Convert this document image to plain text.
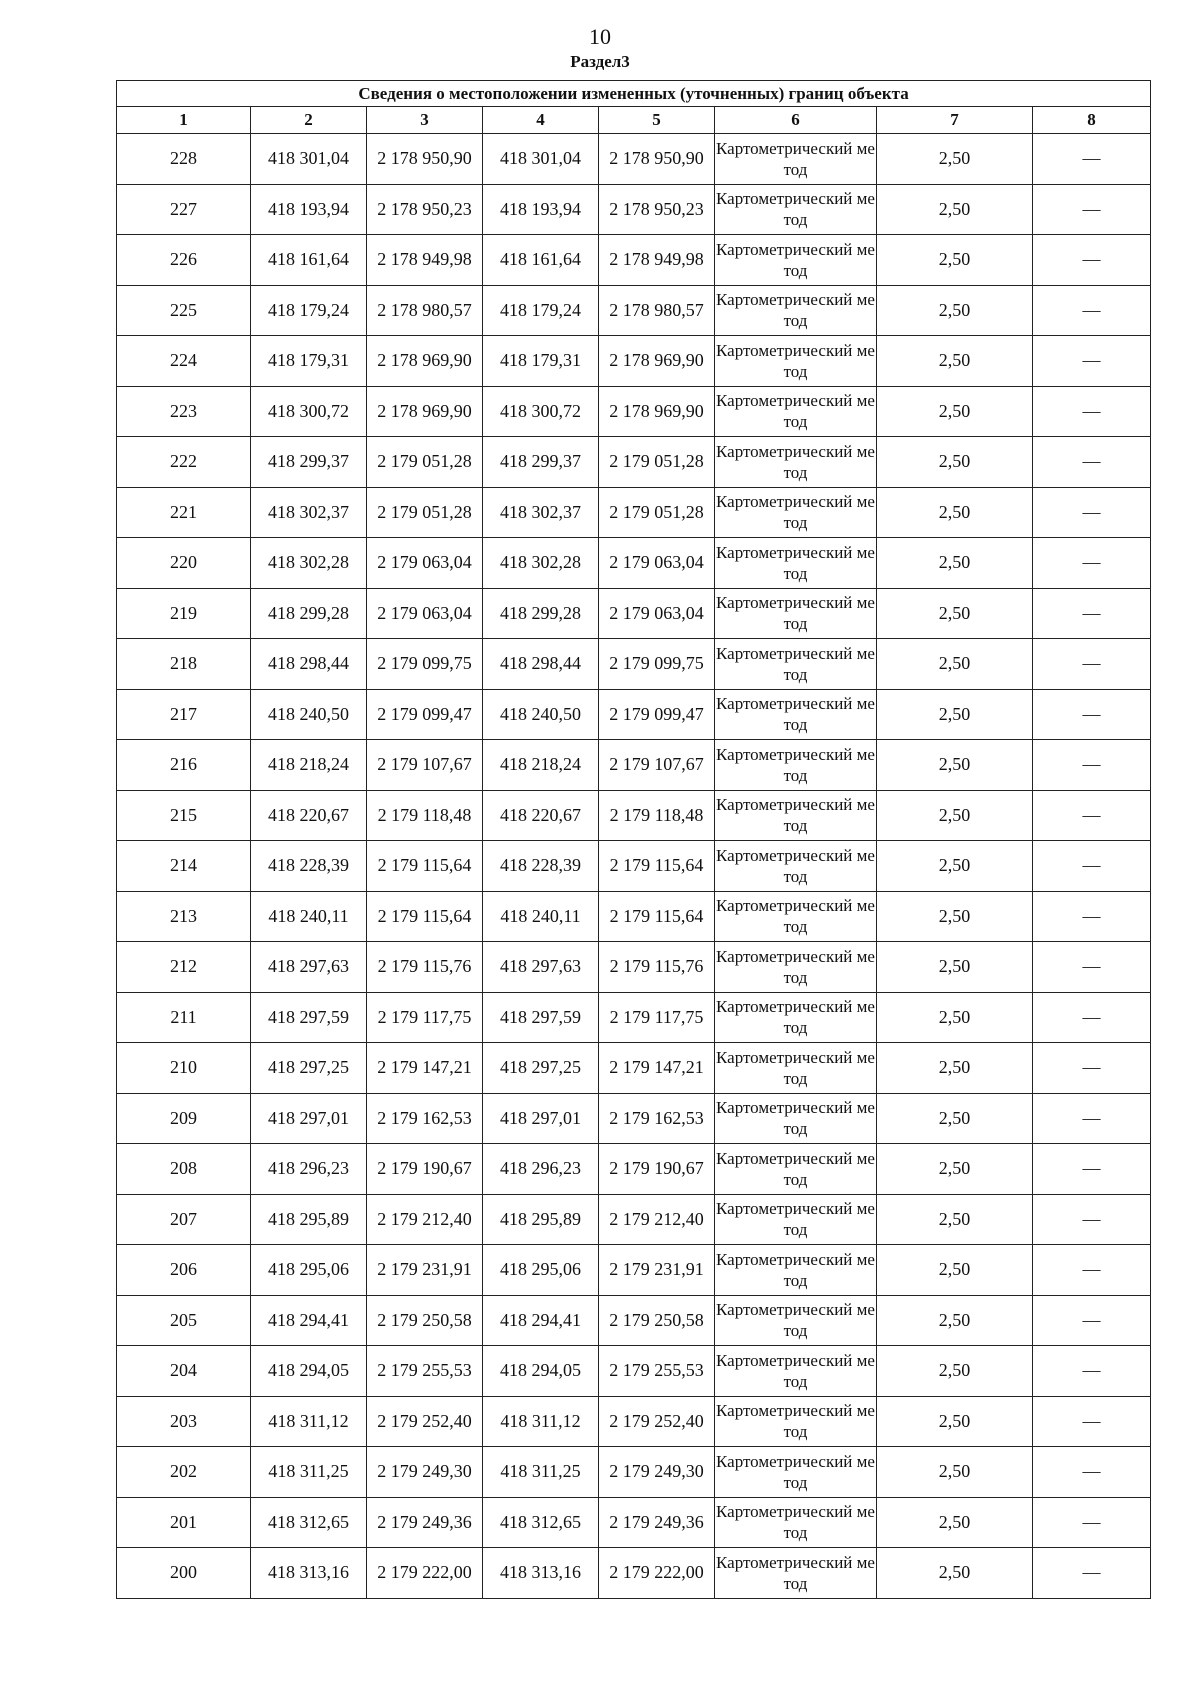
10
Раздел3
Сведения о местоположении измененных (уточненных) границ объекта							
1	2	3	4	5	6	7	8
228	418 301,04	2 178 950,90	418 301,04	2 178 950,90	Картометрический метод	2,50	—
227	418 193,94	2 178 950,23	418 193,94	2 178 950,23	Картометрический метод	2,50	—
226	418 161,64	2 178 949,98	418 161,64	2 178 949,98	Картометрический метод	2,50	—
225	418 179,24	2 178 980,57	418 179,24	2 178 980,57	Картометрический метод	2,50	—
224	418 179,31	2 178 969,90	418 179,31	2 178 969,90	Картометрический метод	2,50	—
223	418 300,72	2 178 969,90	418 300,72	2 178 969,90	Картометрический метод	2,50	—
222	418 299,37	2 179 051,28	418 299,37	2 179 051,28	Картометрический метод	2,50	—
221	418 302,37	2 179 051,28	418 302,37	2 179 051,28	Картометрический метод	2,50	—
220	418 302,28	2 179 063,04	418 302,28	2 179 063,04	Картометрический метод	2,50	—
219	418 299,28	2 179 063,04	418 299,28	2 179 063,04	Картометрический метод	2,50	—
218	418 298,44	2 179 099,75	418 298,44	2 179 099,75	Картометрический метод	2,50	—
217	418 240,50	2 179 099,47	418 240,50	2 179 099,47	Картометрический метод	2,50	—
216	418 218,24	2 179 107,67	418 218,24	2 179 107,67	Картометрический метод	2,50	—
215	418 220,67	2 179 118,48	418 220,67	2 179 118,48	Картометрический метод	2,50	—
214	418 228,39	2 179 115,64	418 228,39	2 179 115,64	Картометрический метод	2,50	—
213	418 240,11	2 179 115,64	418 240,11	2 179 115,64	Картометрический метод	2,50	—
212	418 297,63	2 179 115,76	418 297,63	2 179 115,76	Картометрический метод	2,50	—
211	418 297,59	2 179 117,75	418 297,59	2 179 117,75	Картометрический метод	2,50	—
210	418 297,25	2 179 147,21	418 297,25	2 179 147,21	Картометрический метод	2,50	—
209	418 297,01	2 179 162,53	418 297,01	2 179 162,53	Картометрический метод	2,50	—
208	418 296,23	2 179 190,67	418 296,23	2 179 190,67	Картометрический метод	2,50	—
207	418 295,89	2 179 212,40	418 295,89	2 179 212,40	Картометрический метод	2,50	—
206	418 295,06	2 179 231,91	418 295,06	2 179 231,91	Картометрический метод	2,50	—
205	418 294,41	2 179 250,58	418 294,41	2 179 250,58	Картометрический метод	2,50	—
204	418 294,05	2 179 255,53	418 294,05	2 179 255,53	Картометрический метод	2,50	—
203	418 311,12	2 179 252,40	418 311,12	2 179 252,40	Картометрический метод	2,50	—
202	418 311,25	2 179 249,30	418 311,25	2 179 249,30	Картометрический метод	2,50	—
201	418 312,65	2 179 249,36	418 312,65	2 179 249,36	Картометрический метод	2,50	—
200	418 313,16	2 179 222,00	418 313,16	2 179 222,00	Картометрический метод	2,50	—
